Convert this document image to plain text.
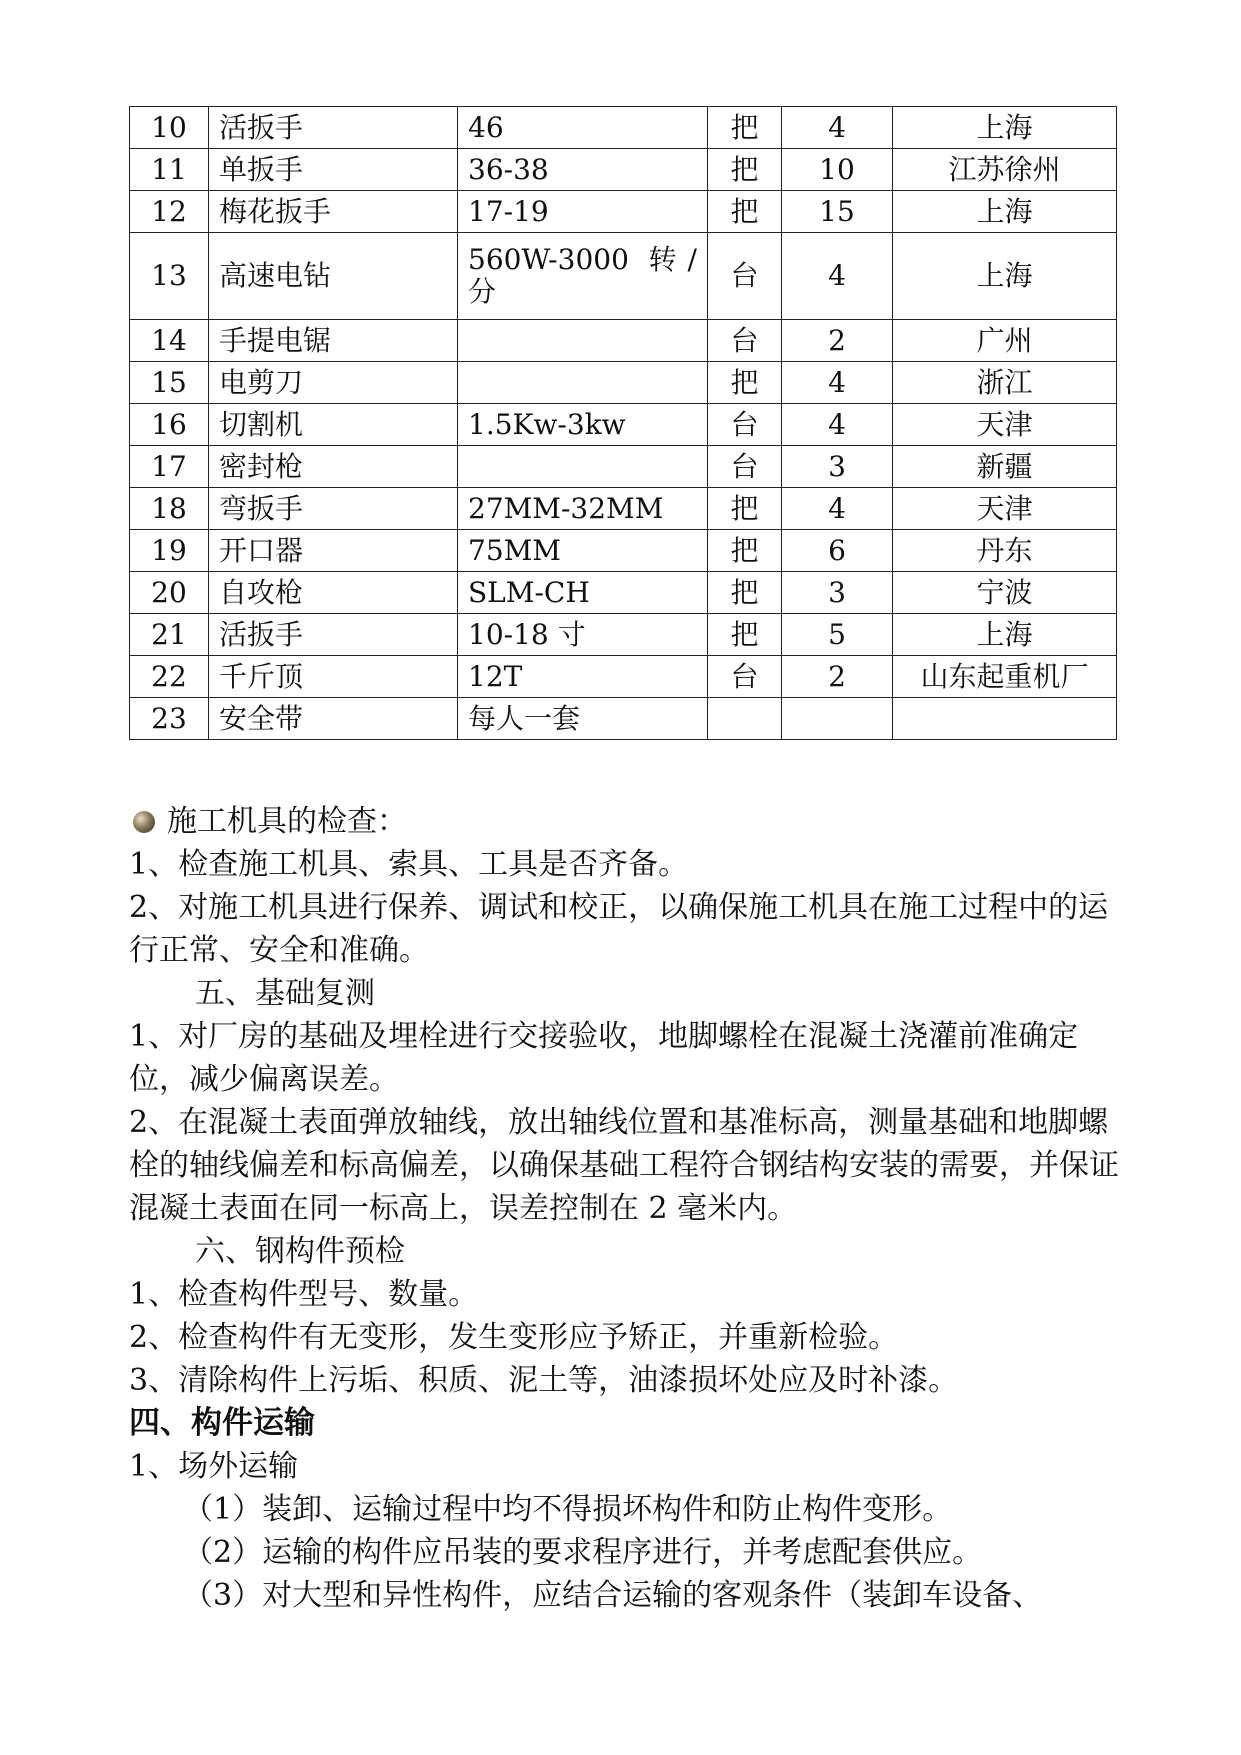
10	活扳手	46	把	4	上海
11	单扳手	36-38	把	10	江苏徐州
12	梅花扳手	17-19	把	15	上海
13	高速电钻	560W-3000 转/分	台	4	上海
14	手提电锯		台	2	广州
15	电剪刀		把	4	浙江
16	切割机	1.5Kw-3kw	台	4	天津
17	密封枪		台	3	新疆
18	弯扳手	27MM-32MM	把	4	天津
19	开口器	75MM	把	6	丹东
20	自攻枪	SLM-CH	把	3	宁波
21	活扳手	10-18 寸	把	5	上海
22	千斤顶	12T	台	2	山东起重机厂
23	安全带	每人一套			
施工机具的检查：
1、检查施工机具、索具、工具是否齐备。
2、对施工机具进行保养、调试和校正，以确保施工机具在施工过程中的运行正常、安全和准确。
五、基础复测
1、对厂房的基础及埋栓进行交接验收，地脚螺栓在混凝土浇灌前准确定位，减少偏离误差。
2、在混凝土表面弹放轴线，放出轴线位置和基准标高，测量基础和地脚螺栓的轴线偏差和标高偏差，以确保基础工程符合钢结构安装的需要，并保证混凝土表面在同一标高上，误差控制在 2 毫米内。
六、钢构件预检
1、检查构件型号、数量。
2、检查构件有无变形，发生变形应予矫正，并重新检验。
3、清除构件上污垢、积质、泥土等，油漆损坏处应及时补漆。
四、构件运输
1、场外运输
（1）装卸、运输过程中均不得损坏构件和防止构件变形。
（2）运输的构件应吊装的要求程序进行，并考虑配套供应。
（3）对大型和异性构件，应结合运输的客观条件（装卸车设备、
